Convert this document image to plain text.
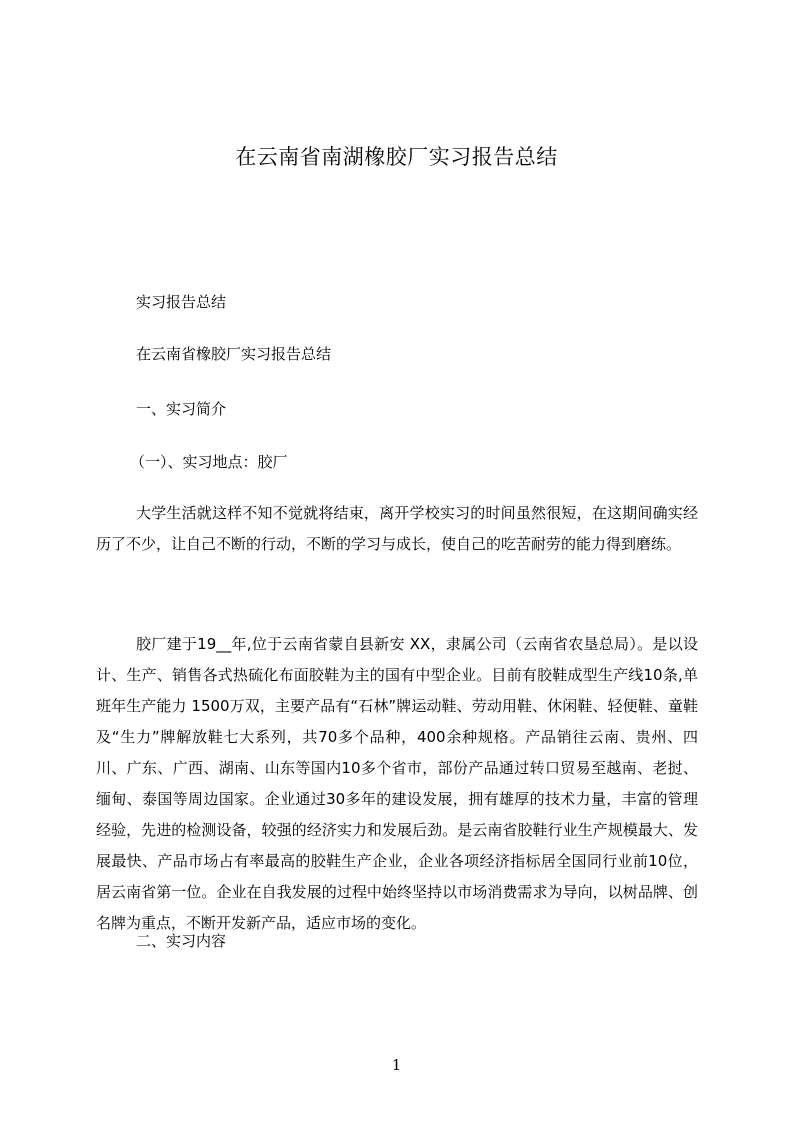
在云南省南湖橡胶厂实习报告总结
实习报告总结
在云南省橡胶厂实习报告总结
一、实习简介
（一）、实习地点：胶厂

大学生活就这样不知不觉就将结束，离开学校实习的时间虽然很短，在这期间确实经历了不少，让自己不断的行动，不断的学习与成长，使自己的吃苦耐劳的能力得到磨练。

胶厂建于19__年,位于云南省蒙自县新安 XX，隶属公司（云南省农垦总局）。是以设计、生产、销售各式热硫化布面胶鞋为主的国有中型企业。目前有胶鞋成型生产线10条,单班年生产能力 1500万双，主要产品有“石林”牌运动鞋、劳动用鞋、休闲鞋、轻便鞋、童鞋及“生力”牌解放鞋七大系列，共70多个品种，400余种规格。产品销往云南、贵州、四川、广东、广西、湖南、山东等国内10多个省市，部份产品通过转口贸易至越南、老挝、缅甸、泰国等周边国家。企业通过30多年的建设发展，拥有雄厚的技术力量，丰富的管理经验，先进的检测设备，较强的经济实力和发展后劲。是云南省胶鞋行业生产规模最大、发展最快、产品市场占有率最高的胶鞋生产企业，企业各项经济指标居全国同行业前10位，居云南省第一位。企业在自我发展的过程中始终坚持以市场消费需求为导向，以树品牌、创名牌为重点，不断开发新产品，适应市场的变化。

二、实习内容
1
